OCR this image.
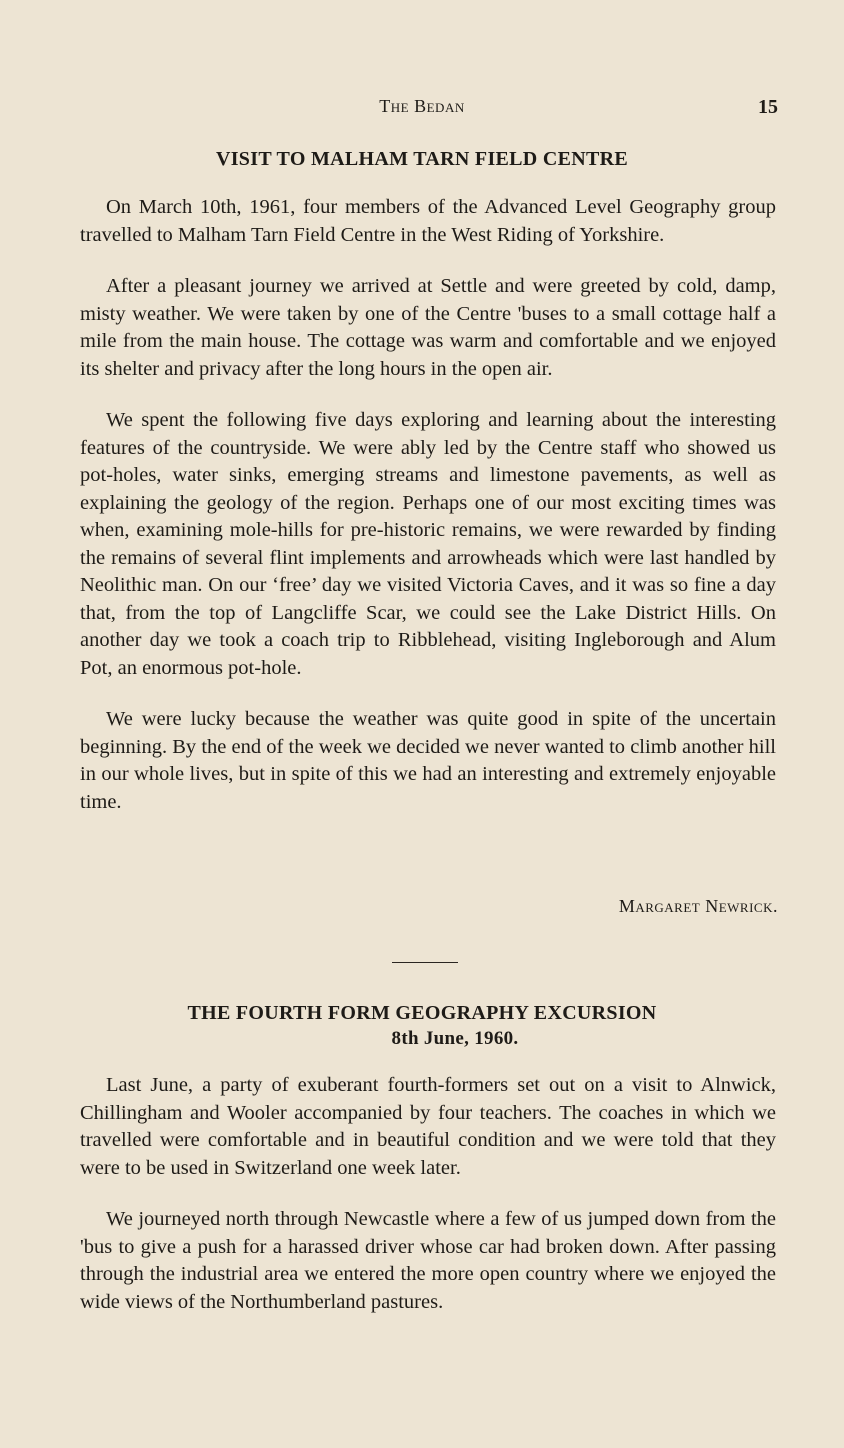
The Bedan	15
VISIT TO MALHAM TARN FIELD CENTRE

On March 10th, 1961, four members of the Advanced Level Geography group travelled to Malham Tarn Field Centre in the West Riding of Yorkshire.

After a pleasant journey we arrived at Settle and were greeted by cold, damp, misty weather. We were taken by one of the Centre 'buses to a small cottage half a mile from the main house. The cottage was warm and comfortable and we enjoyed its shelter and privacy after the long hours in the open air.

We spent the following five days exploring and learning about the interesting features of the countryside. We were ably led by the Centre staff who showed us pot-holes, water sinks, emerging streams and limestone pavements, as well as explaining the geology of the region. Perhaps one of our most exciting times was when, examining mole-hills for pre-historic remains, we were rewarded by finding the remains of several flint implements and arrowheads which were last handled by Neolithic man. On our ‘free’ day we visited Victoria Caves, and it was so fine a day that, from the top of Langcliffe Scar, we could see the Lake District Hills. On another day we took a coach trip to Ribblehead, visiting Ingleborough and Alum Pot, an enormous pot-hole.

We were lucky because the weather was quite good in spite of the uncertain beginning. By the end of the week we decided we never wanted to climb another hill in our whole lives, but in spite of this we had an interesting and extremely enjoyable time.

Margaret Newrick.
THE FOURTH FORM GEOGRAPHY EXCURSION
8th June, 1960.

Last June, a party of exuberant fourth-formers set out on a visit to Alnwick, Chillingham and Wooler accompanied by four teachers. The coaches in which we travelled were comfortable and in beautiful condition and we were told that they were to be used in Switzerland one week later.

We journeyed north through Newcastle where a few of us jumped down from the 'bus to give a push for a harassed driver whose car had broken down. After passing through the industrial area we entered the more open country where we enjoyed the wide views of the Northumberland pastures.
